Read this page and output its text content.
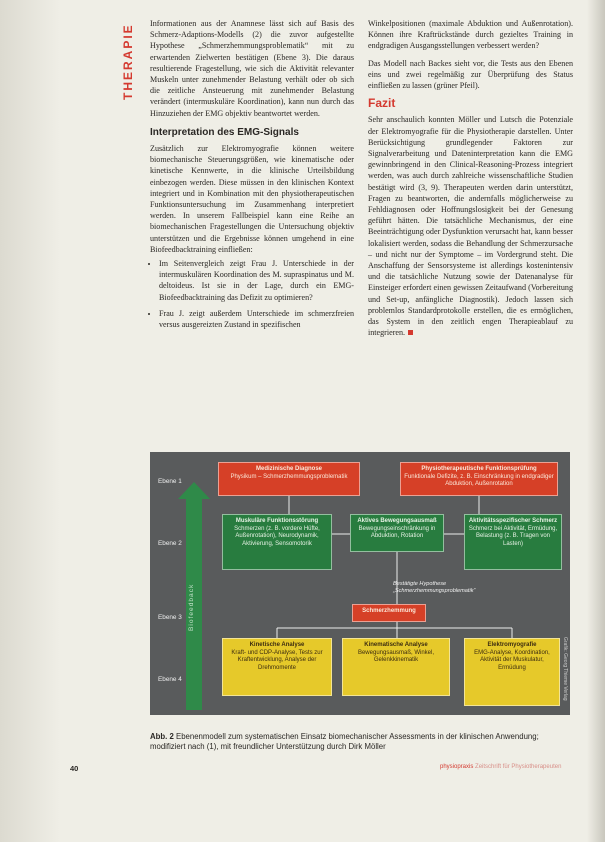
THERAPIE	Informationen aus der Anamnese lässt sich auf Basis des Schmerz-Adaptions-Modells (2) die zuvor aufgestellte Hypothese „Schmerzhemmungsproblematik“ mit zu erwartenden Zielwerten bestätigen (Ebene 3). Die daraus resultierende Fragestellung, wie sich die Aktivität relevanter Muskeln unter zunehmender Belastung verhält oder ob sich die zeitliche Ansteuerung mit zunehmender Belastung verändert (intermuskuläre Koordination), kann nun durch das Hinzuziehen der EMG objektiv beantwortet werden.

Interpretation des EMG-Signals

Zusätzlich zur Elektromyografie können weitere biomechanische Steuerungsgrößen, wie kinematische oder kinetische Kennwerte, in die klinische Urteilsbildung einbezogen werden. Diese müssen in den klinischen Kontext integriert und in Kombination mit den physiotherapeutischen Funktionsuntersuchung im Zusammenhang interpretiert werden. In unserem Fallbeispiel kann eine Reihe an biomechanischen Fragestellungen die Untersuchung objektiv unterstützen und die Ergebnisse können umgehend in eine Biofeedbacktraining einfließen:

• Im Seitenvergleich zeigt Frau J. Unterschiede in der intermuskulären Koordination des M. supraspinatus und M. deltoideus. Ist sie in der Lage, durch ein EMG-Biofeedbacktraining das Defizit zu optimieren?
• Frau J. zeigt außerdem Unterschiede im schmerzfreien versus ausgereizten Zustand in spezifischen

Winkelpositionen (maximale Abduktion und Außenrotation). Können ihre Kraftrückstände durch gezieltes Training in endgradigen Ausgangsstellungen verbessert werden?

Das Modell nach Backes sieht vor, die Tests aus den Ebenen eins und zwei regelmäßig zur Überprüfung des Status einfließen zu lassen (grüner Pfeil).

Fazit

Sehr anschaulich konnten Möller und Lutsch die Potenziale der Elektromyografie für die Physiotherapie darstellen. Unter Berücksichtigung grundlegender Faktoren zur Signalverarbeitung und Dateninterpretation kann die EMG gewinnbringend in den Clinical-Reasoning-Prozess integriert werden, was auch durch zahlreiche wissenschaftliche Studien bestätigt wird (3, 9). Therapeuten werden darin unterstützt, Fragen zu beantworten, die andernfalls möglicherweise zu Fehldiagnosen oder Hoffnungslosigkeit bei der Genesung geführt hätten. Die tatsächliche Mechanismus, der eine Beeinträchtigung oder Dysfunktion verursacht hat, kann besser lokalisiert werden, sodass die Behandlung der Schmerzursache – und nicht nur der Symptome – im Vordergrund steht. Die Anschaffung der Sensorsysteme ist allerdings kostenintensiv und die tatsächliche Nutzung sowie der Datenanalyse für Einsteiger erfordert einen gewissen Zeitaufwand (Vorbereitung und Set-up, anfängliche Diagnostik). Jedoch lassen sich problemlos Standardprotokolle erstellen, die es ermöglichen, das System in den zeitlich engen Therapieablauf zu integrieren.

Ebene 1
Ebene 2
Ebene 3
Ebene 4
Biofeedback
Medizinische Diagnose
Physikum – Schmerzhemmungsproblematik
Physiotherapeutische Funktionsprüfung
Funktionale Defizite, z. B. Einschränkung in endgradiger Abduktion, Außenrotation
Muskuläre Funktionsstörung
Schmerzen (z. B. vordere Hüfte, Außenrotation), Neurodynamik, Aktivierung, Sensomotorik
Aktives Bewegungsausmaß
Bewegungseinschränkung in Abduktion, Rotation
Aktivitätsspezifischer Schmerz
Schmerz bei Aktivität, Ermüdung, Belastung (z. B. Tragen von Lasten)
Bestätigte Hypothese „Schmerzhemmungsproblematik“
Schmerzhemmung
Kinetische Analyse
Kraft- und CDP-Analyse, Tests zur Kraftentwicklung, Analyse der Drehmomente
Kinematische Analyse
Bewegungsausmaß, Winkel, Gelenkkinematik
Elektromyografie
EMG-Analyse, Koordination, Aktivität der Muskulatur, Ermüdung	Grafik: Georg Thieme Verlag
Abb. 2 Ebenenmodell zum systematischen Einsatz biomechanischer Assessments in der klinischen Anwendung; modifiziert nach (1), mit freundlicher Unterstützung durch Dirk Möller
40	physiopraxis Zeitschrift für Physiotherapeuten
